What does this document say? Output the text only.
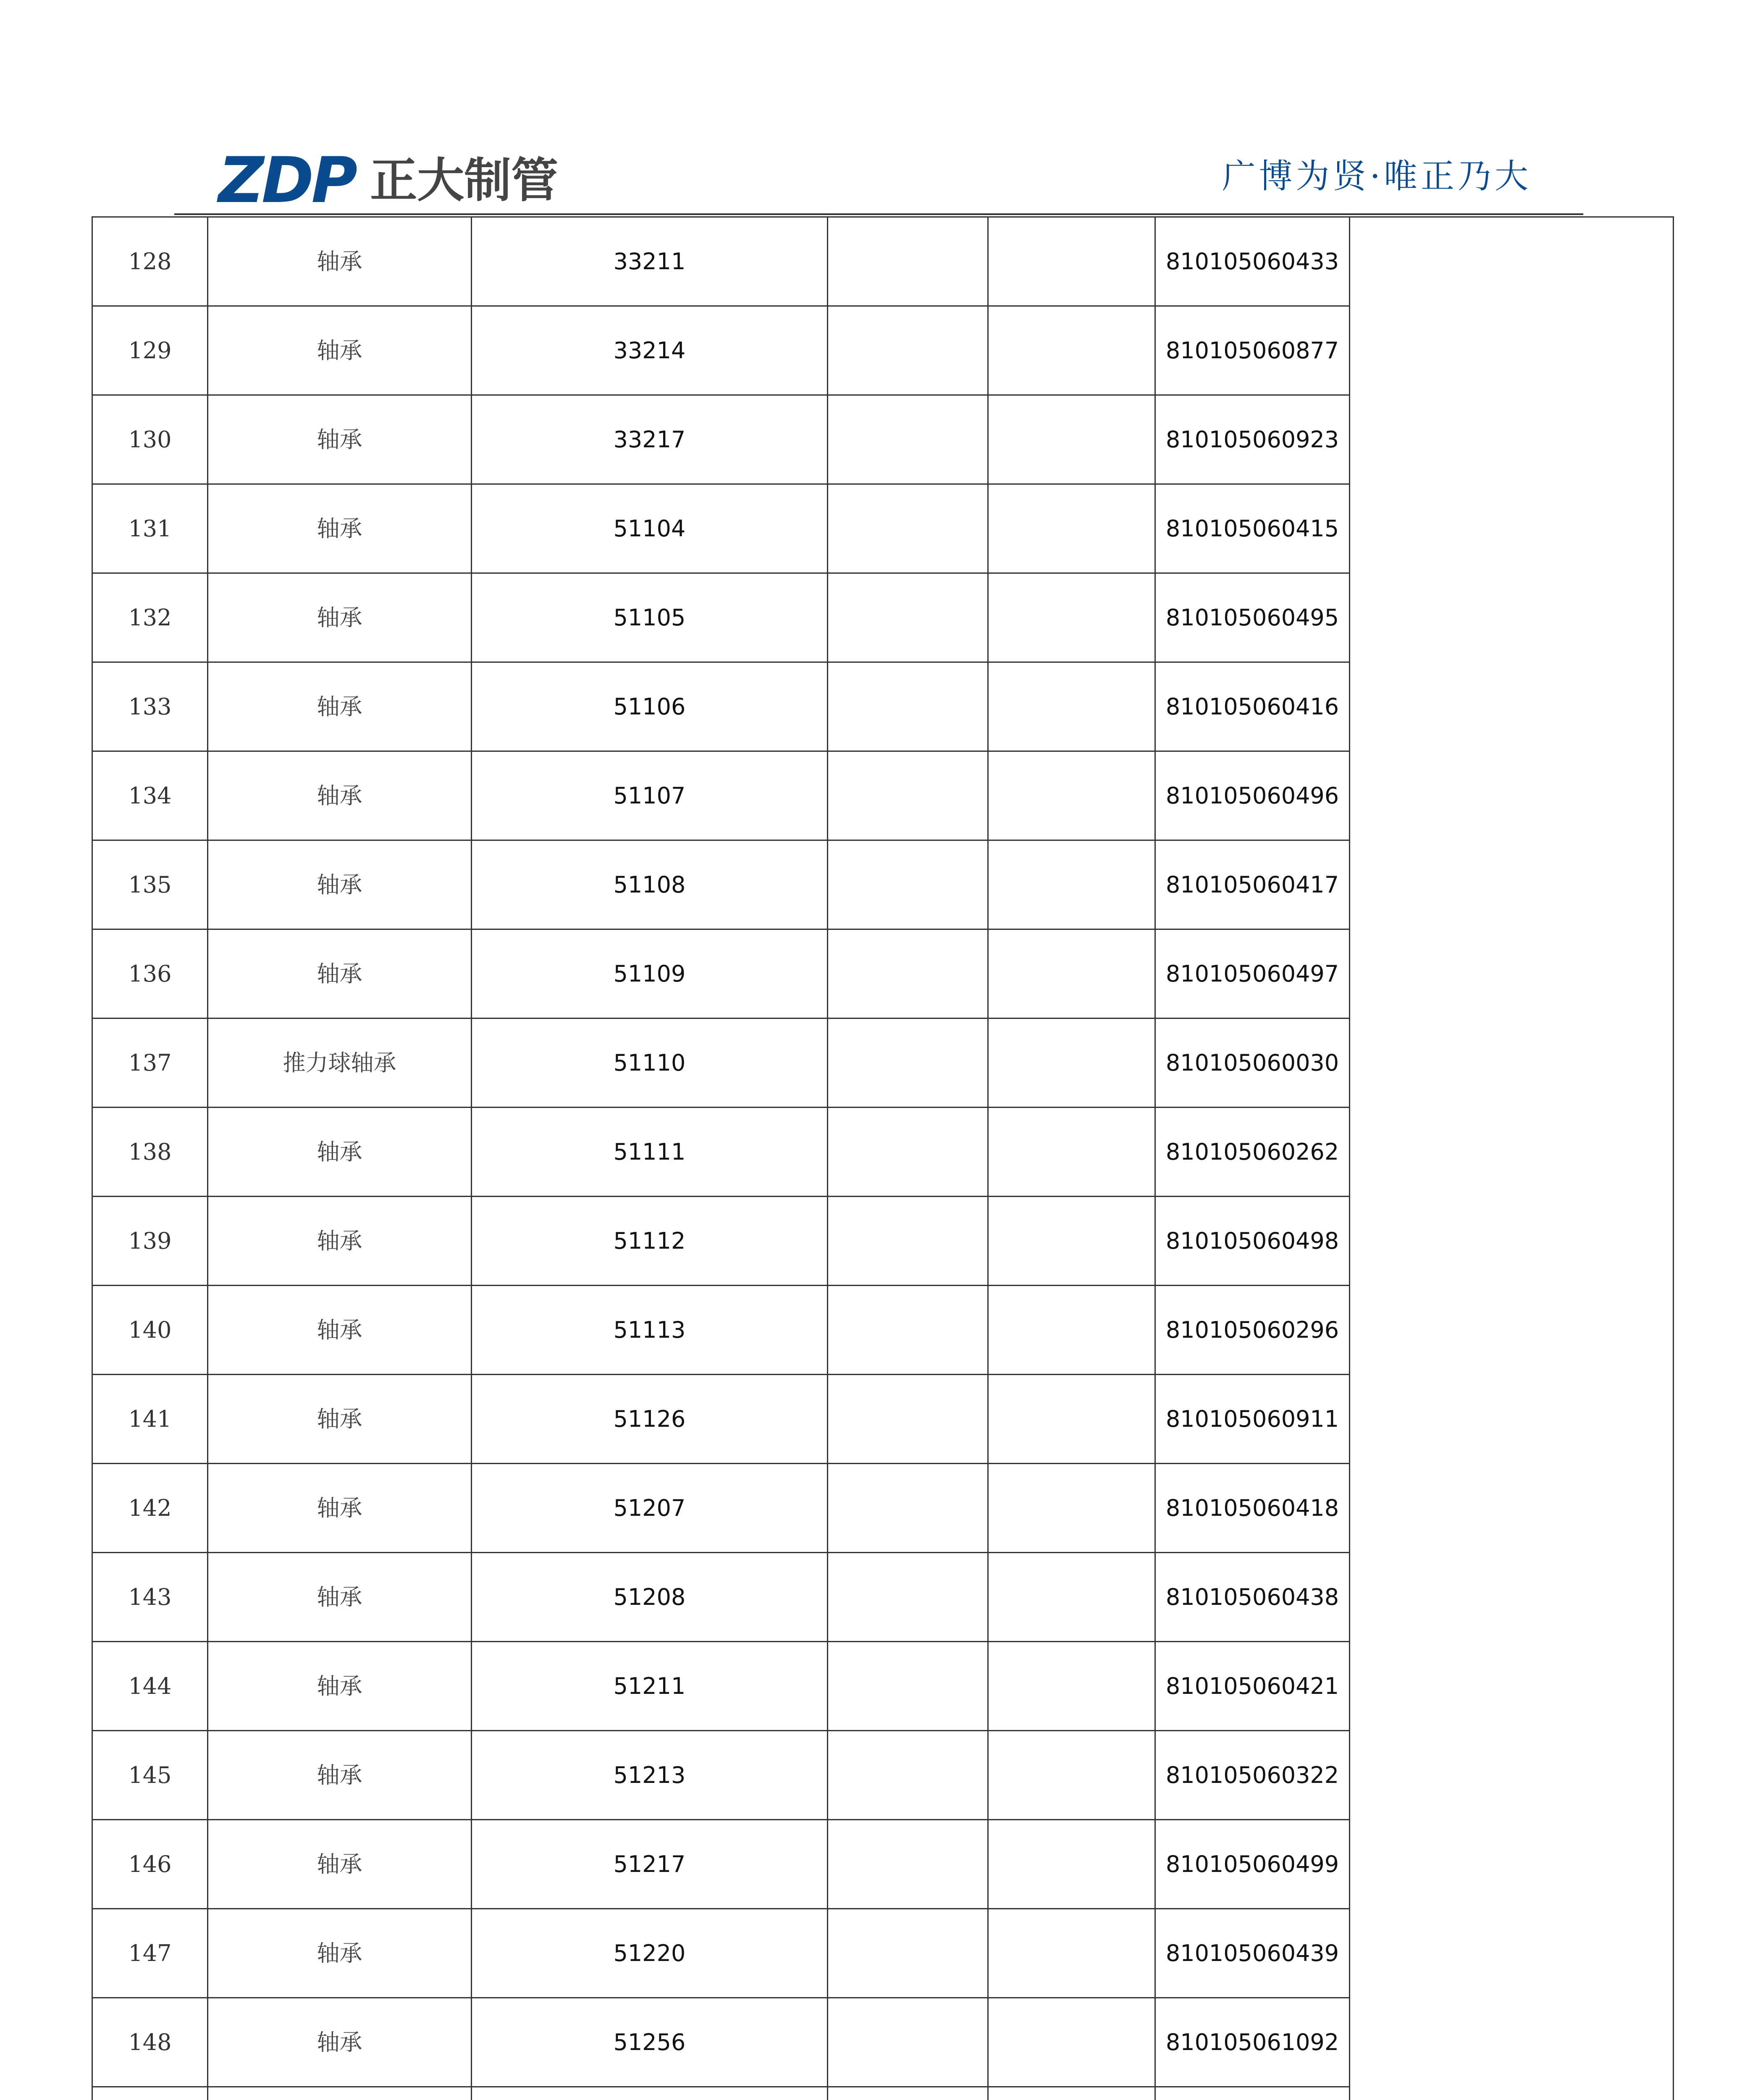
ZDP 正大制管	广博为贤·唯正乃大
128	轴承	33211			810105060433	
129	轴承	33214			810105060877	
130	轴承	33217			810105060923	
131	轴承	51104			810105060415	
132	轴承	51105			810105060495	
133	轴承	51106			810105060416	
134	轴承	51107			810105060496	
135	轴承	51108			810105060417	
136	轴承	51109			810105060497	
137	推力球轴承	51110			810105060030	
138	轴承	51111			810105060262	
139	轴承	51112			810105060498	
140	轴承	51113			810105060296	
141	轴承	51126			810105060911	
142	轴承	51207			810105060418	
143	轴承	51208			810105060438	
144	轴承	51211			810105060421	
145	轴承	51213			810105060322	
146	轴承	51217			810105060499	
147	轴承	51220			810105060439	
148	轴承	51256			810105061092	
